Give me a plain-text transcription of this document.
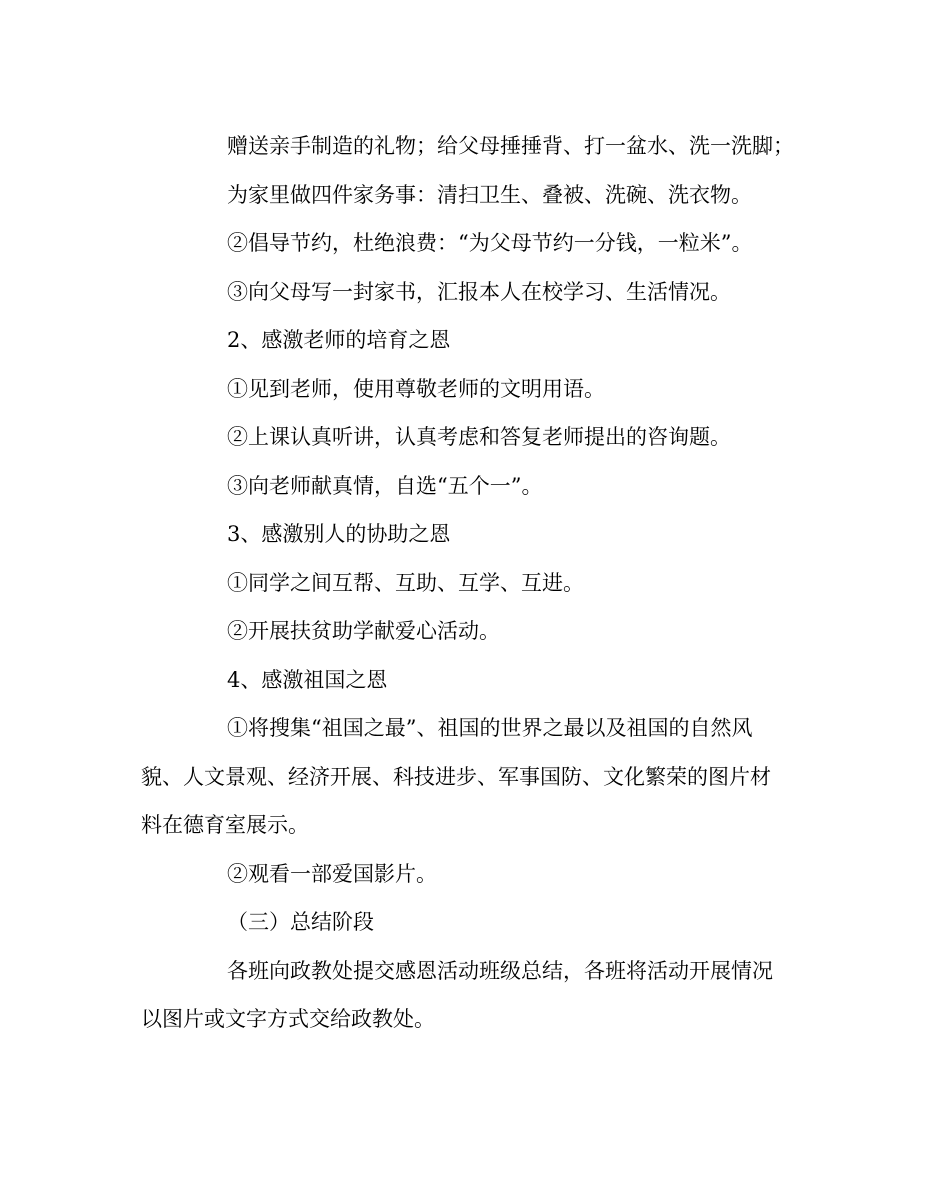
赠送亲手制造的礼物；给父母捶捶背、打一盆水、洗一洗脚；
为家里做四件家务事：清扫卫生、叠被、洗碗、洗衣物。
②倡导节约，杜绝浪费：“为父母节约一分钱，一粒米”。
③向父母写一封家书，汇报本人在校学习、生活情况。
2、感激老师的培育之恩
①见到老师，使用尊敬老师的文明用语。
②上课认真听讲，认真考虑和答复老师提出的咨询题。
③向老师献真情，自选“五个一”。
3、感激别人的协助之恩
①同学之间互帮、互助、互学、互进。
②开展扶贫助学献爱心活动。
4、感激祖国之恩
①将搜集“祖国之最”、祖国的世界之最以及祖国的自然风
貌、人文景观、经济开展、科技进步、军事国防、文化繁荣的图片材
料在德育室展示。
②观看一部爱国影片。
（三）总结阶段
各班向政教处提交感恩活动班级总结，各班将活动开展情况
以图片或文字方式交给政教处。
